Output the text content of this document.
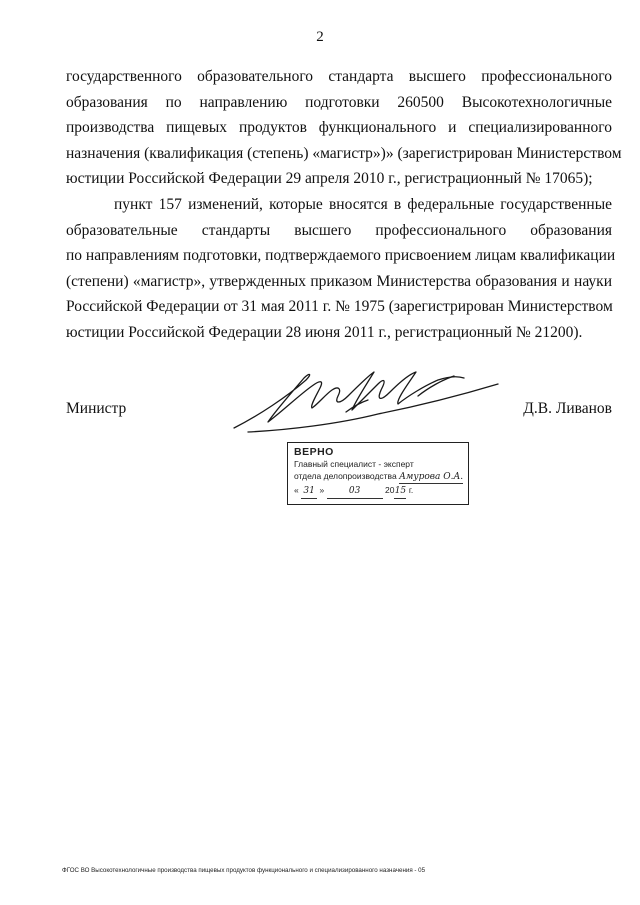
2

государственного образовательного стандарта высшего профессионального
образования по направлению подготовки 260500 Высокотехнологичные
производства пищевых продуктов функционального и специализированного
назначения (квалификация (степень) «магистр»)» (зарегистрирован Министерством
юстиции Российской Федерации 29 апреля 2010 г., регистрационный № 17065);

пункт 157 изменений, которые вносятся в федеральные государственные
образовательные стандарты высшего профессионального образования
по направлениям подготовки, подтверждаемого присвоением лицам квалификации
(степени) «магистр», утвержденных приказом Министерства образования и науки
Российской Федерации от 31 мая 2011 г. № 1975 (зарегистрирован Министерством
юстиции Российской Федерации 28 июня 2011 г., регистрационный № 21200).

Министр	Д.В. Ливанов
ВЕРНО
Главный специалист - эксперт
отдела делопроизводства Амурова О.А.
« 31 »	03	2015 г.
ФГОС ВО Высокотехнологичные производства пищевых продуктов функционального и специализированного назначения - 05
